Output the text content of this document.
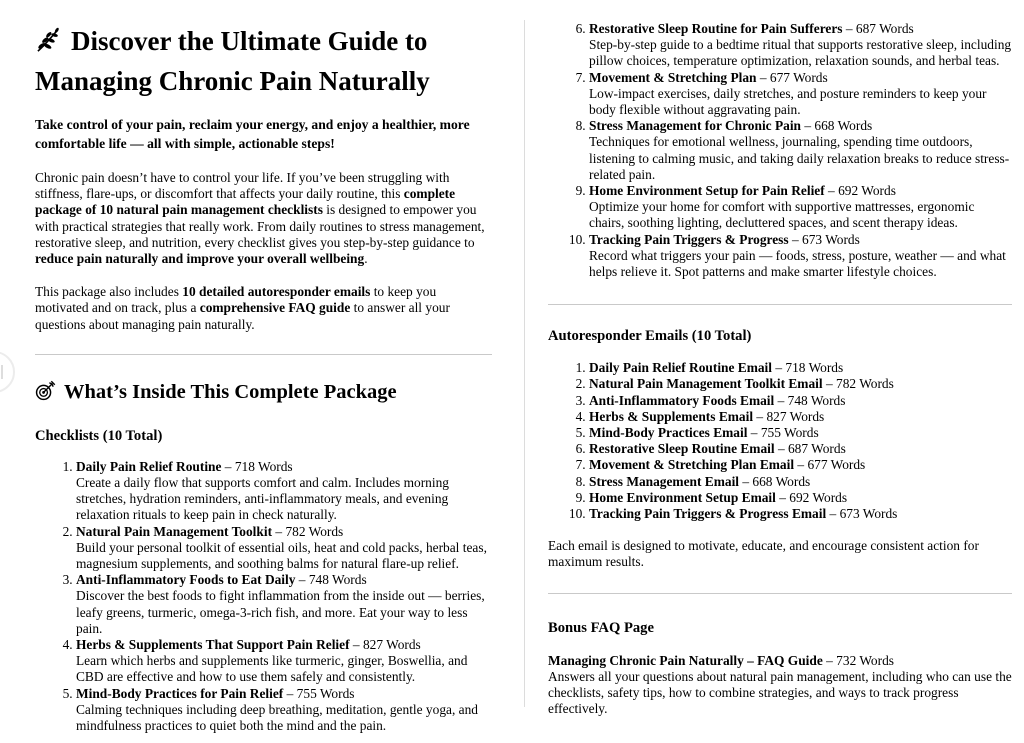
Discover the Ultimate Guide to Managing Chronic Pain Naturally

Take control of your pain, reclaim your energy, and enjoy a healthier, more comfortable life — all with simple, actionable steps!

Chronic pain doesn’t have to control your life. If you’ve been struggling with stiffness, flare-ups, or discomfort that affects your daily routine, this complete package of 10 natural pain management checklists is designed to empower you with practical strategies that really work. From daily routines to stress management, restorative sleep, and nutrition, every checklist gives you step-by-step guidance to reduce pain naturally and improve your overall wellbeing.

This package also includes 10 detailed autoresponder emails to keep you motivated and on track, plus a comprehensive FAQ guide to answer all your questions about managing pain naturally.

What’s Inside This Complete Package
Checklists (10 Total)
1. Daily Pain Relief Routine – 718 Words
Create a daily flow that supports comfort and calm. Includes morning stretches, hydration reminders, anti-inflammatory meals, and evening relaxation rituals to keep pain in check naturally.
2. Natural Pain Management Toolkit – 782 Words
Build your personal toolkit of essential oils, heat and cold packs, herbal teas, magnesium supplements, and soothing balms for natural flare-up relief.
3. Anti-Inflammatory Foods to Eat Daily – 748 Words
Discover the best foods to fight inflammation from the inside out — berries, leafy greens, turmeric, omega-3-rich fish, and more. Eat your way to less pain.
4. Herbs & Supplements That Support Pain Relief – 827 Words
Learn which herbs and supplements like turmeric, ginger, Boswellia, and CBD are effective and how to use them safely and consistently.
5. Mind-Body Practices for Pain Relief – 755 Words
Calming techniques including deep breathing, meditation, gentle yoga, and mindfulness practices to quiet both the mind and the pain.
6. Restorative Sleep Routine for Pain Sufferers – 687 Words
Step-by-step guide to a bedtime ritual that supports restorative sleep, including pillow choices, temperature optimization, relaxation sounds, and herbal teas.
7. Movement & Stretching Plan – 677 Words
Low-impact exercises, daily stretches, and posture reminders to keep your body flexible without aggravating pain.
8. Stress Management for Chronic Pain – 668 Words
Techniques for emotional wellness, journaling, spending time outdoors, listening to calming music, and taking daily relaxation breaks to reduce stress-related pain.
9. Home Environment Setup for Pain Relief – 692 Words
Optimize your home for comfort with supportive mattresses, ergonomic chairs, soothing lighting, decluttered spaces, and scent therapy ideas.
10. Tracking Pain Triggers & Progress – 673 Words
Record what triggers your pain — foods, stress, posture, weather — and what helps relieve it. Spot patterns and make smarter lifestyle choices.
Autoresponder Emails (10 Total)
1. Daily Pain Relief Routine Email – 718 Words
2. Natural Pain Management Toolkit Email – 782 Words
3. Anti-Inflammatory Foods Email – 748 Words
4. Herbs & Supplements Email – 827 Words
5. Mind-Body Practices Email – 755 Words
6. Restorative Sleep Routine Email – 687 Words
7. Movement & Stretching Plan Email – 677 Words
8. Stress Management Email – 668 Words
9. Home Environment Setup Email – 692 Words
10. Tracking Pain Triggers & Progress Email – 673 Words

Each email is designed to motivate, educate, and encourage consistent action for maximum results.

Bonus FAQ Page

Managing Chronic Pain Naturally – FAQ Guide – 732 Words
Answers all your questions about natural pain management, including who can use the checklists, safety tips, how to combine strategies, and ways to track progress effectively.
